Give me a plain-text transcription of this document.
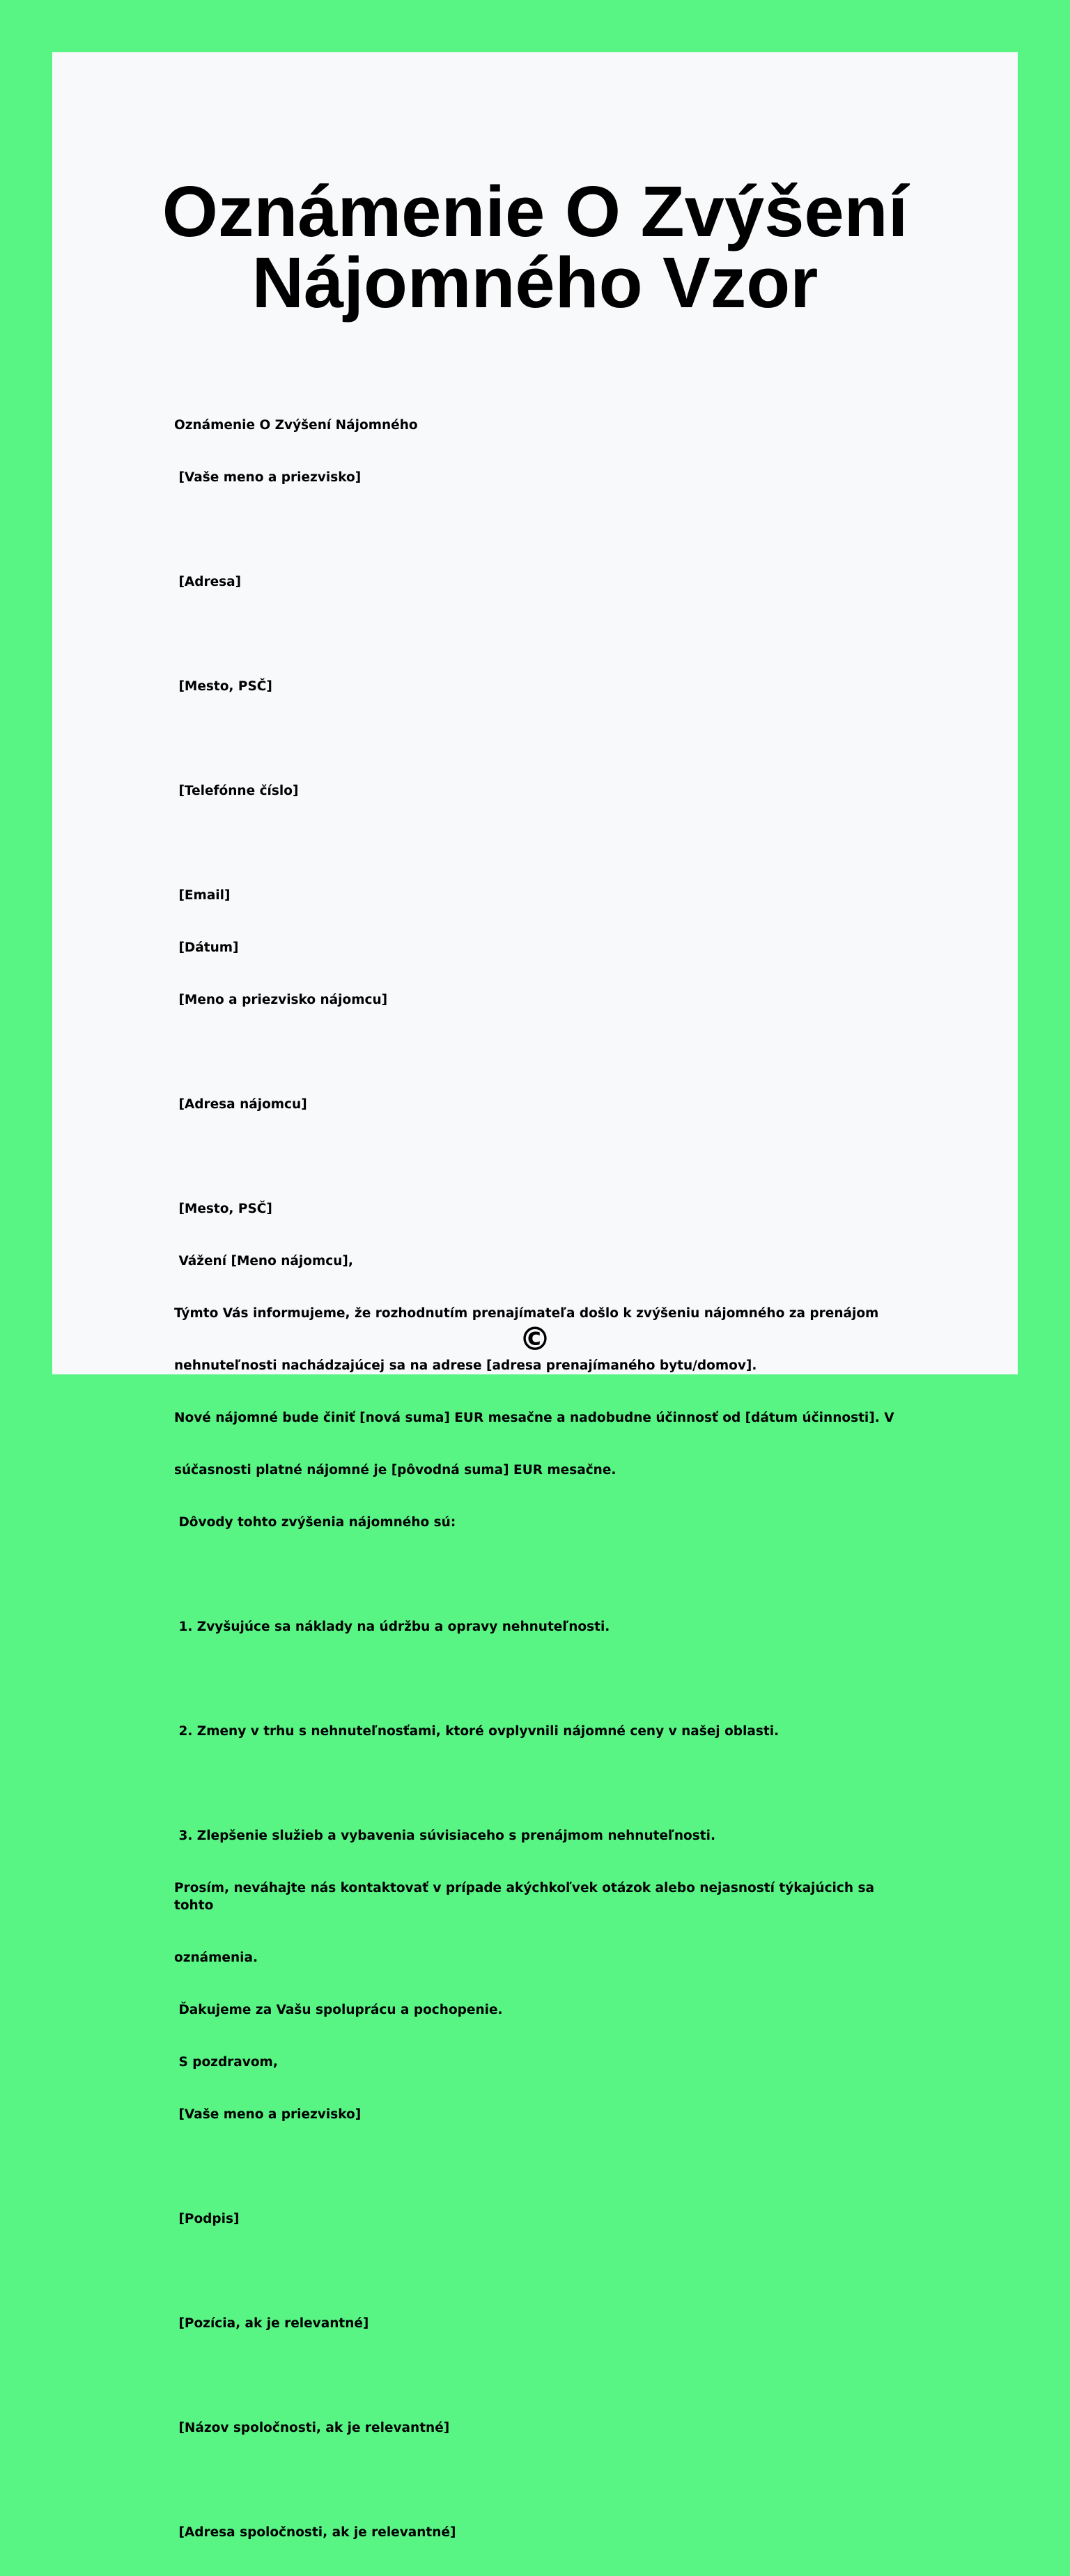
Oznámenie O Zvýšení
Nájomného Vzor

Oznámenie O Zvýšení Nájomného

[Vaše meno a priezvisko]

[Adresa]

[Mesto, PSČ]

[Telefónne číslo]

[Email]

[Dátum]

[Meno a priezvisko nájomcu]

[Adresa nájomcu]

[Mesto, PSČ]

Vážení [Meno nájomcu],

Týmto Vás informujeme, že rozhodnutím prenajímateľa došlo k zvýšeniu nájomného za prenájom

nehnuteľnosti nachádzajúcej sa na adrese [adresa prenajímaného bytu/domov].

Nové nájomné bude činiť [nová suma] EUR mesačne a nadobudne účinnosť od [dátum účinnosti]. V

súčasnosti platné nájomné je [pôvodná suma] EUR mesačne.

Dôvody tohto zvýšenia nájomného sú:

1. Zvyšujúce sa náklady na údržbu a opravy nehnuteľnosti.

2. Zmeny v trhu s nehnuteľnosťami, ktoré ovplyvnili nájomné ceny v našej oblasti.

3. Zlepšenie služieb a vybavenia súvisiaceho s prenájmom nehnuteľnosti.

Prosím, neváhajte nás kontaktovať v prípade akýchkoľvek otázok alebo nejasností týkajúcich sa tohto

oznámenia.

Ďakujeme za Vašu spoluprácu a pochopenie.

S pozdravom,

[Vaše meno a priezvisko]

[Podpis]

[Pozícia, ak je relevantné]

[Názov spoločnosti, ak je relevantné]

[Adresa spoločnosti, ak je relevantné]

©
